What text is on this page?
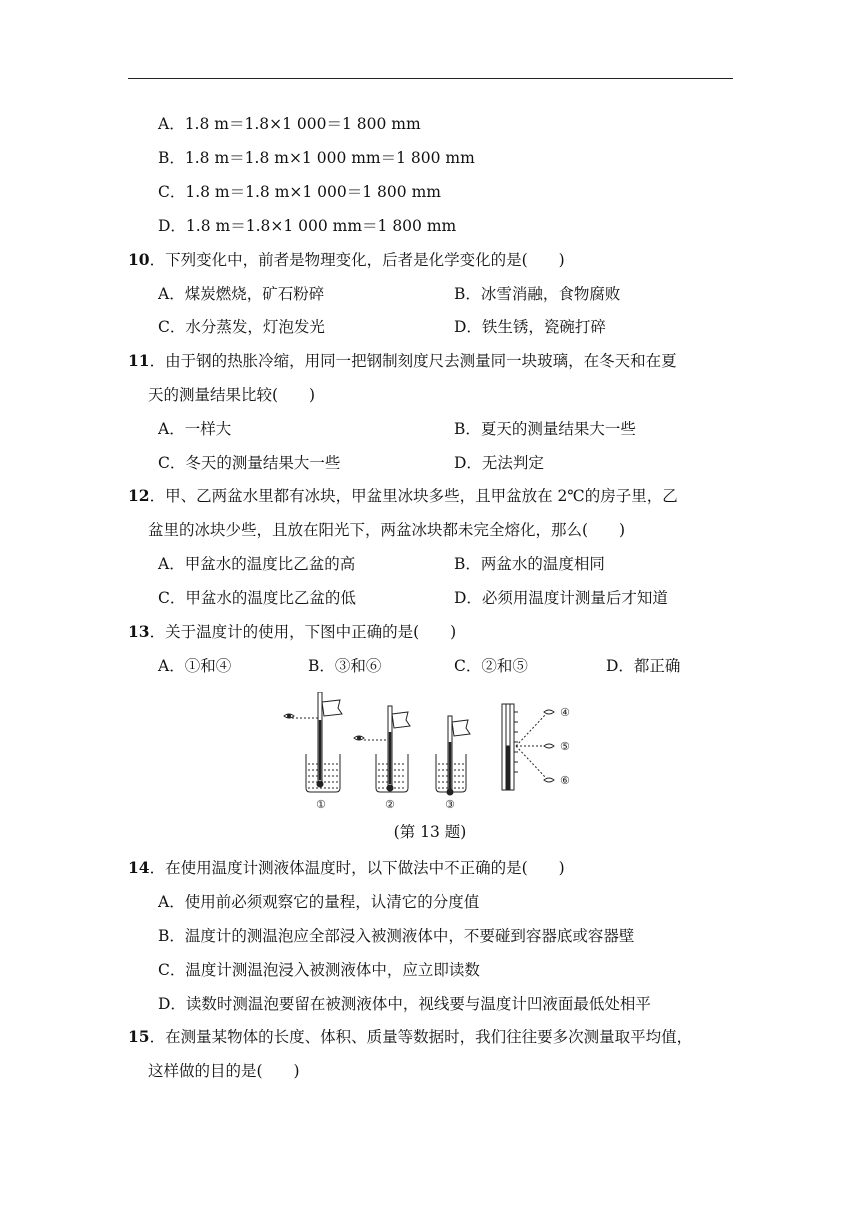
A．1.8 m＝1.8×1 000＝1 800 mm
B．1.8 m＝1.8 m×1 000 mm＝1 800 mm
C．1.8 m＝1.8 m×1 000＝1 800 mm
D．1.8 m＝1.8×1 000 mm＝1 800 mm
10．下列变化中，前者是物理变化，后者是化学变化的是(　　)
A．煤炭燃烧，矿石粉碎	B．冰雪消融，食物腐败
C．水分蒸发，灯泡发光	D．铁生锈，瓷碗打碎
11．由于钢的热胀冷缩，用同一把钢制刻度尺去测量同一块玻璃，在冬天和在夏
天的测量结果比较(　　)
A．一样大	B．夏天的测量结果大一些
C．冬天的测量结果大一些	D．无法判定
12．甲、乙两盆水里都有冰块，甲盆里冰块多些，且甲盆放在 2℃的房子里，乙
盆里的冰块少些，且放在阳光下，两盆冰块都未完全熔化，那么(　　)
A．甲盆水的温度比乙盆的高	B．两盆水的温度相同
C．甲盆水的温度比乙盆的低	D．必须用温度计测量后才知道
13．关于温度计的使用，下图中正确的是(　　)
A．①和④	B．③和⑥	C．②和⑤	D．都正确
①	②	③
④
⑤
⑥
(第 13 题)
14．在使用温度计测液体温度时，以下做法中不正确的是(　　)
A．使用前必须观察它的量程，认清它的分度值
B．温度计的测温泡应全部浸入被测液体中，不要碰到容器底或容器壁
C．温度计测温泡浸入被测液体中，应立即读数
D．读数时测温泡要留在被测液体中，视线要与温度计凹液面最低处相平
15．在测量某物体的长度、体积、质量等数据时，我们往往要多次测量取平均值，
这样做的目的是(　　)
